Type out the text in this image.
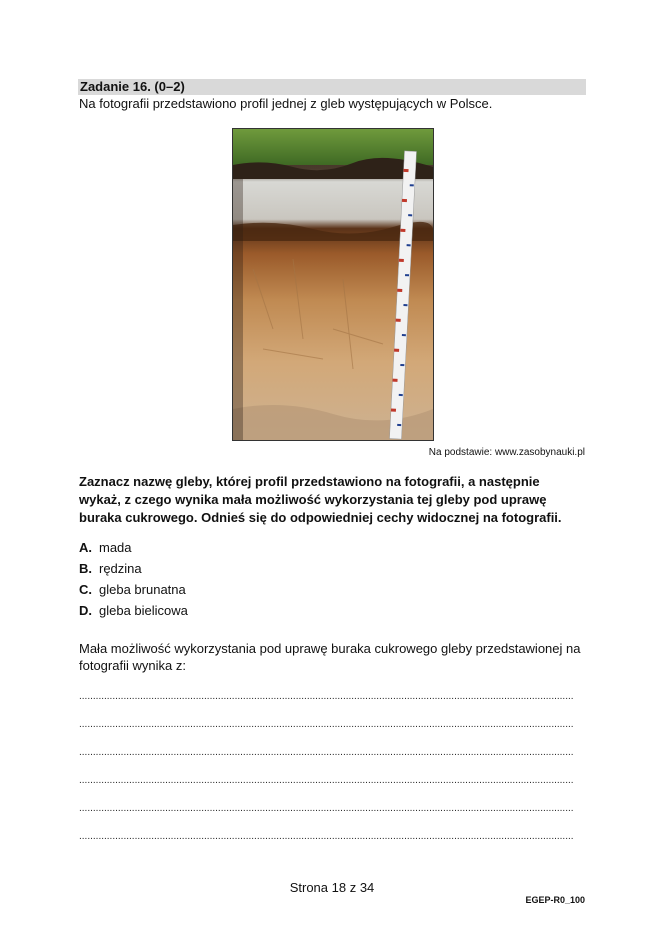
Zadanie 16. (0–2)
Na fotografii przedstawiono profil jednej z gleb występujących w Polsce.
Na podstawie: www.zasobynauki.pl
Zaznacz nazwę gleby, której profil przedstawiono na fotografii, a następnie wykaż, z czego wynika mała możliwość wykorzystania tej gleby pod uprawę buraka cukrowego. Odnieś się do odpowiedniej cechy widocznej na fotografii.
A. mada
B. rędzina
C. gleba brunatna
D. gleba bielicowa
Mała możliwość wykorzystania pod uprawę buraka cukrowego gleby przedstawionej na fotografii wynika z:
..................................................................................................................................................................................
..................................................................................................................................................................................
..................................................................................................................................................................................
..................................................................................................................................................................................
..................................................................................................................................................................................
..................................................................................................................................................................................
Strona 18 z 34
EGEP-R0_100
